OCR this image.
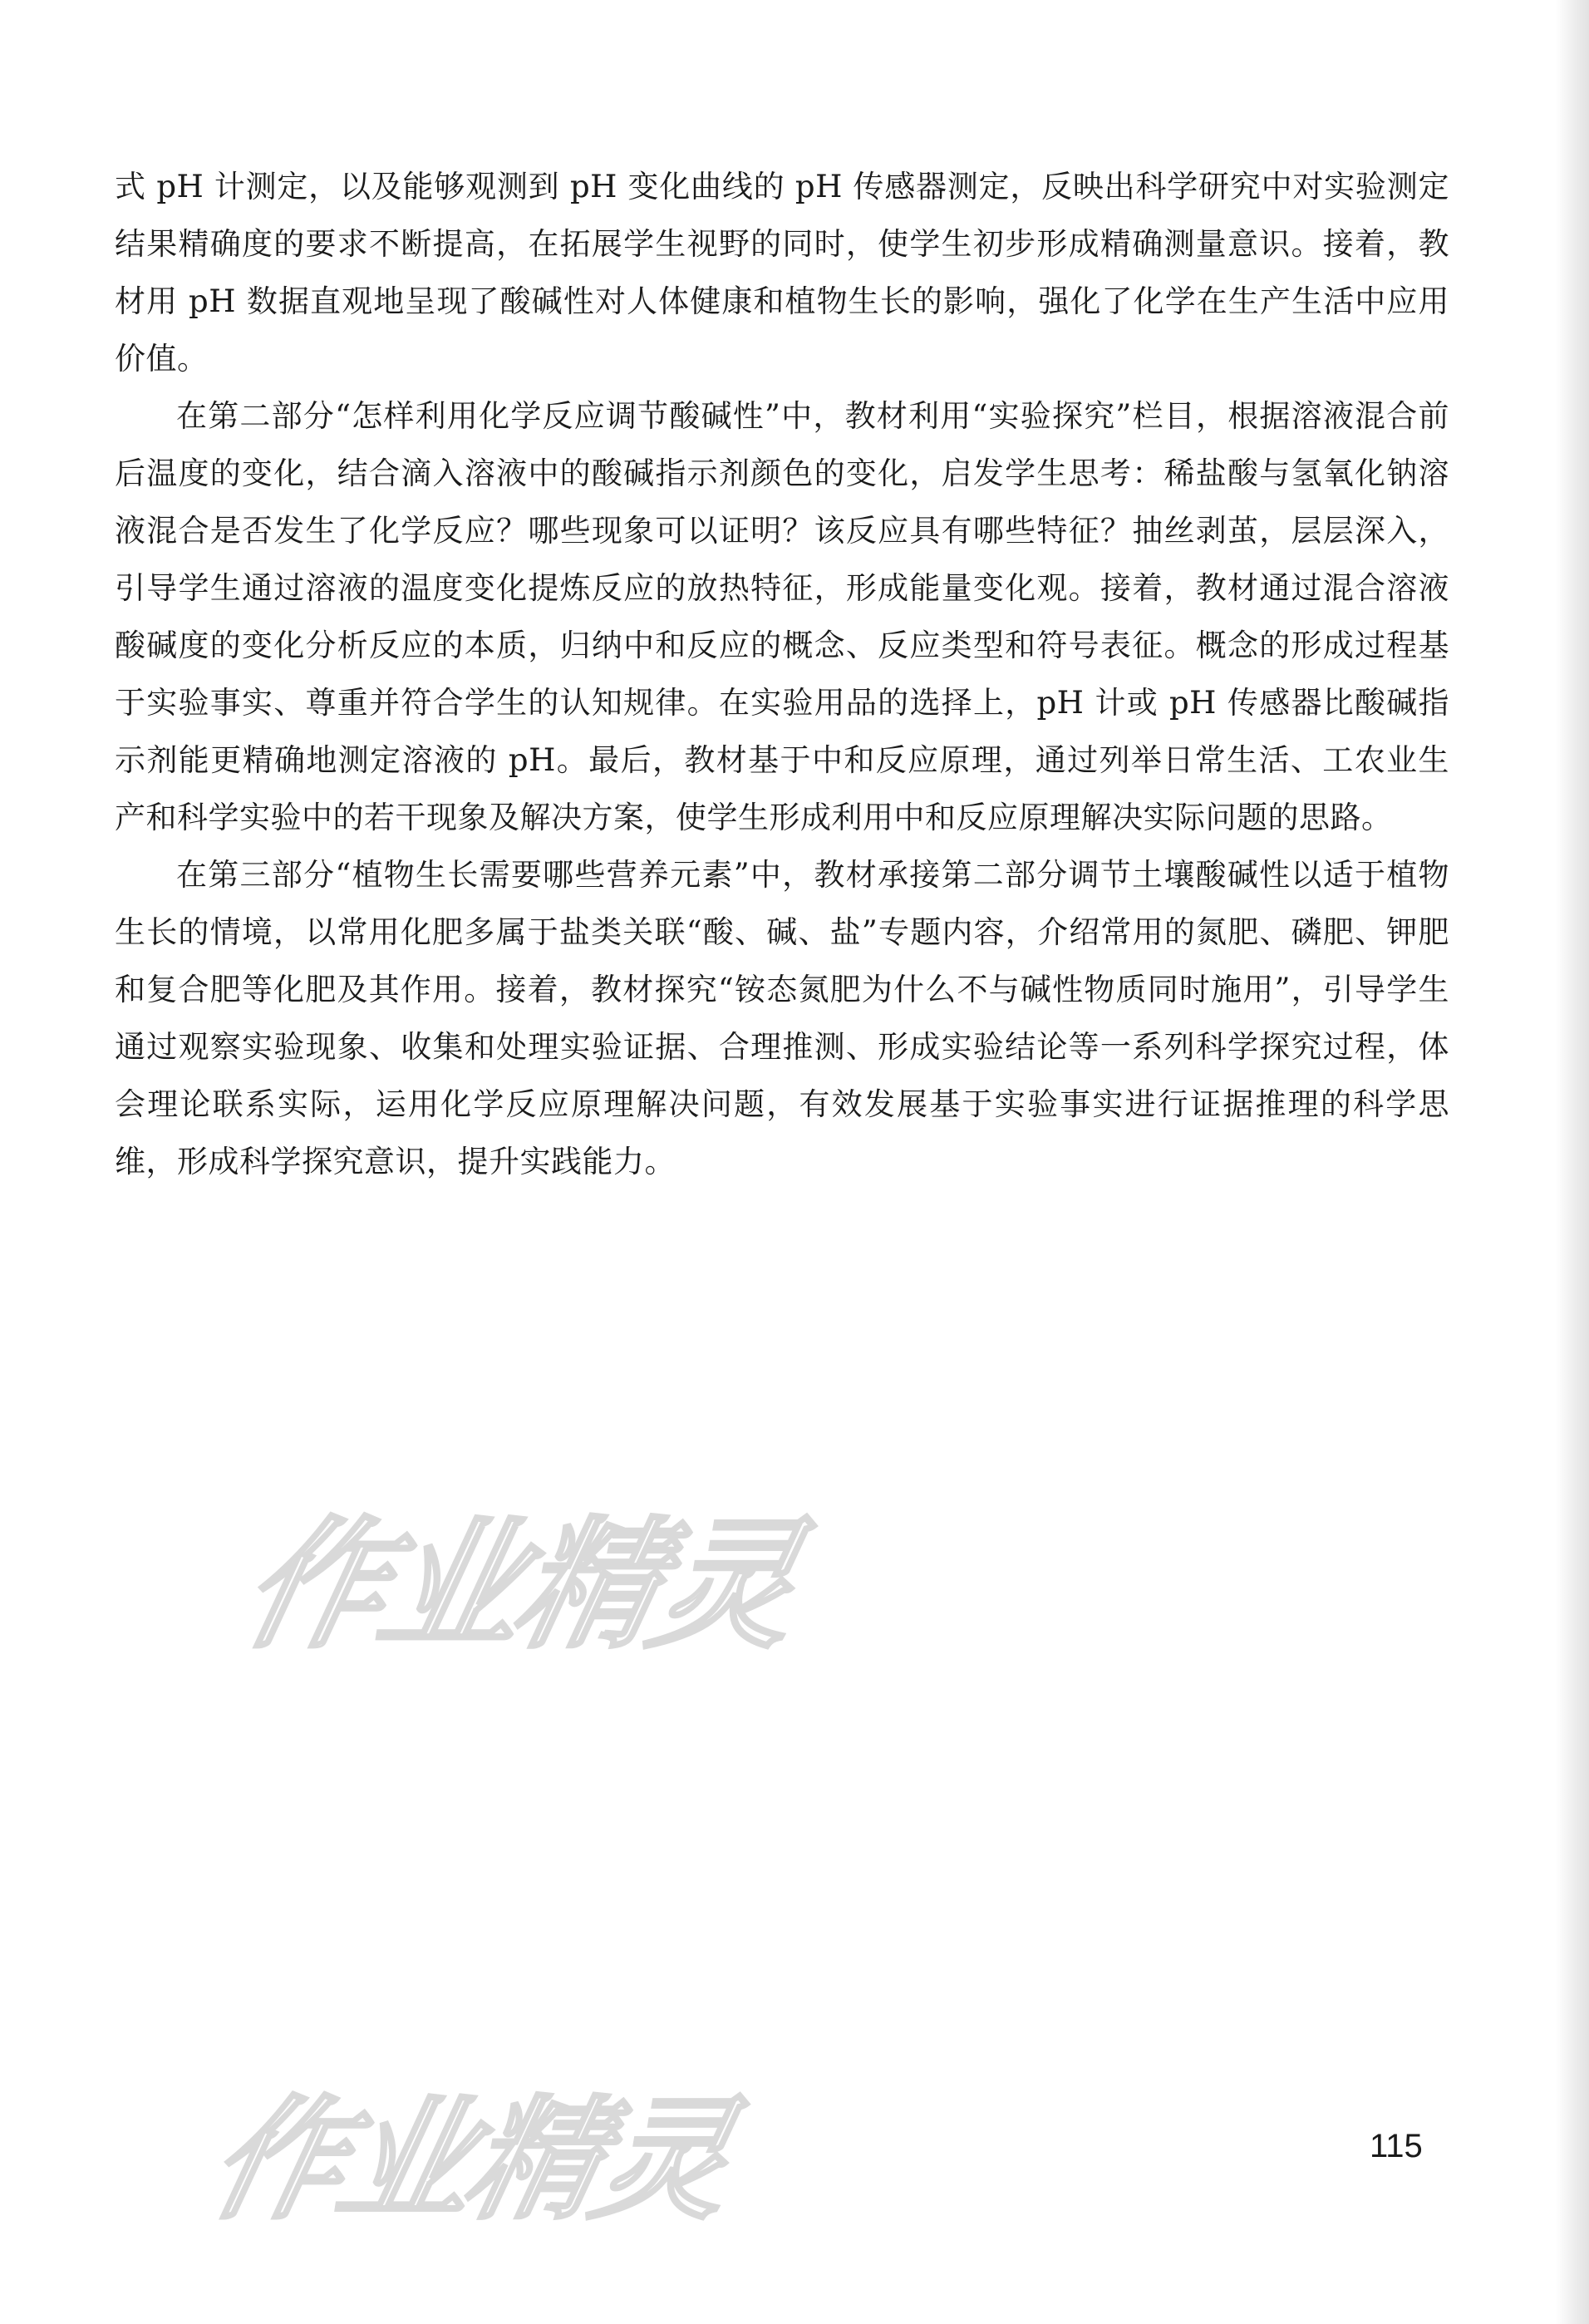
式 pH 计测定，以及能够观测到 pH 变化曲线的 pH 传感器测定，反映出科学研究中对实验测定结果精确度的要求不断提高，在拓展学生视野的同时，使学生初步形成精确测量意识。接着，教材用 pH 数据直观地呈现了酸碱性对人体健康和植物生长的影响，强化了化学在生产生活中应用价值。

在第二部分“怎样利用化学反应调节酸碱性”中，教材利用“实验探究”栏目，根据溶液混合前后温度的变化，结合滴入溶液中的酸碱指示剂颜色的变化，启发学生思考：稀盐酸与氢氧化钠溶液混合是否发生了化学反应？哪些现象可以证明？该反应具有哪些特征？抽丝剥茧，层层深入，引导学生通过溶液的温度变化提炼反应的放热特征，形成能量变化观。接着，教材通过混合溶液酸碱度的变化分析反应的本质，归纳中和反应的概念、反应类型和符号表征。概念的形成过程基于实验事实、尊重并符合学生的认知规律。在实验用品的选择上，pH 计或 pH 传感器比酸碱指示剂能更精确地测定溶液的 pH。最后，教材基于中和反应原理，通过列举日常生活、工农业生产和科学实验中的若干现象及解决方案，使学生形成利用中和反应原理解决实际问题的思路。

在第三部分“植物生长需要哪些营养元素”中，教材承接第二部分调节土壤酸碱性以适于植物生长的情境，以常用化肥多属于盐类关联“酸、碱、盐”专题内容，介绍常用的氮肥、磷肥、钾肥和复合肥等化肥及其作用。接着，教材探究“铵态氮肥为什么不与碱性物质同时施用”，引导学生通过观察实验现象、收集和处理实验证据、合理推测、形成实验结论等一系列科学探究过程，体会理论联系实际，运用化学反应原理解决问题，有效发展基于实验事实进行证据推理的科学思维，形成科学探究意识，提升实践能力。

作业精灵
作业精灵	115
